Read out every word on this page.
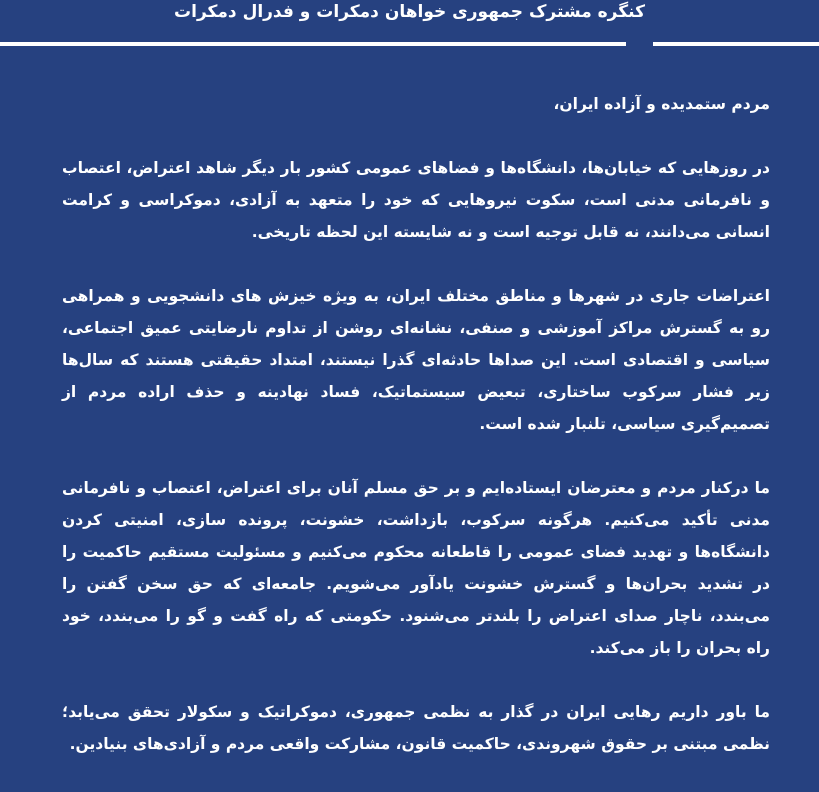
کنگره مشترک جمهوری خواهان دمکرات و فدرال دمکرات

مردم ستمدیده و آزاده ایران،

در روزهایی که خیابان‌ها، دانشگاه‌ها و فضاهای عمومی کشور بار دیگر شاهد اعتراض، اعتصاب و نافرمانی مدنی است، سکوت نیروهایی که خود را متعهد به آزادی، دموکراسی و کرامت انسانی می‌دانند، نه قابل توجیه است و نه شایسته این لحظه تاریخی.

اعتراضات جاری در شهرها و مناطق مختلف ایران، به ویژه خیزش های دانشجویی و همراهی رو به گسترش مراکز آموزشی و صنفی، نشانه‌ای روشن از تداوم نارضایتی عمیق اجتماعی، سیاسی و اقتصادی است. این صداها حادثه‌ای گذرا نیستند، امتداد حقیقتی هستند که سال‌ها زیر فشار سرکوب ساختاری، تبعیض سیستماتیک، فساد نهادینه و حذف اراده مردم از تصمیم‌گیری سیاسی، تلنبار شده است.

ما درکنار مردم و معترضان ایستاده‌ایم و بر حق مسلم آنان برای اعتراض، اعتصاب و نافرمانی مدنی تأکید می‌کنیم. هرگونه سرکوب، بازداشت، خشونت، پرونده سازی، امنیتی کردن دانشگاه‌ها و تهدید فضای عمومی را قاطعانه محکوم می‌کنیم و مسئولیت مستقیم حاکمیت را در تشدید بحران‌ها و گسترش خشونت یادآور می‌شویم. جامعه‌ای که حق سخن گفتن را می‌بندد، ناچار صدای اعتراض را بلندتر می‌شنود. حکومتی که راه گفت و گو را می‌بندد، خود راه بحران را باز می‌کند.

ما باور داریم رهایی ایران در گذار به نظمی جمهوری، دموکراتیک و سکولار تحقق می‌یابد؛ نظمی مبتنی بر حقوق شهروندی، حاکمیت قانون، مشارکت واقعی مردم و آزادی‌های بنیادین.
